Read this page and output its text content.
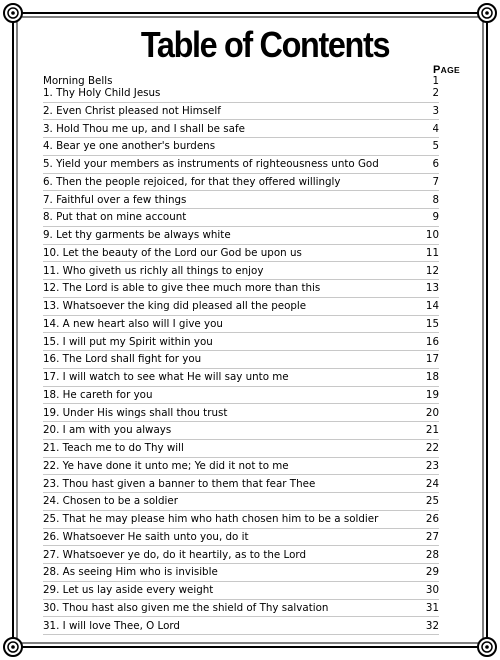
Table of Contents
PAGE
Morning Bells	1
1. Thy Holy Child Jesus	2
2. Even Christ pleased not Himself	3
3. Hold Thou me up, and I shall be safe	4
4. Bear ye one another's burdens	5
5. Yield your members as instruments of righteousness unto God	6
6. Then the people rejoiced, for that they offered willingly	7
7. Faithful over a few things	8
8. Put that on mine account	9
9. Let thy garments be always white	10
10. Let the beauty of the Lord our God be upon us	11
11. Who giveth us richly all things to enjoy	12
12. The Lord is able to give thee much more than this	13
13. Whatsoever the king did pleased all the people	14
14. A new heart also will I give you	15
15. I will put my Spirit within you	16
16. The Lord shall fight for you	17
17. I will watch to see what He will say unto me	18
18. He careth for you	19
19. Under His wings shall thou trust	20
20. I am with you always	21
21. Teach me to do Thy will	22
22. Ye have done it unto me; Ye did it not to me	23
23. Thou hast given a banner to them that fear Thee	24
24. Chosen to be a soldier	25
25. That he may please him who hath chosen him to be a soldier	26
26. Whatsoever He saith unto you, do it	27
27. Whatsoever ye do, do it heartily, as to the Lord	28
28. As seeing Him who is invisible	29
29. Let us lay aside every weight	30
30. Thou hast also given me the shield of Thy salvation	31
31. I will love Thee, O Lord	32
